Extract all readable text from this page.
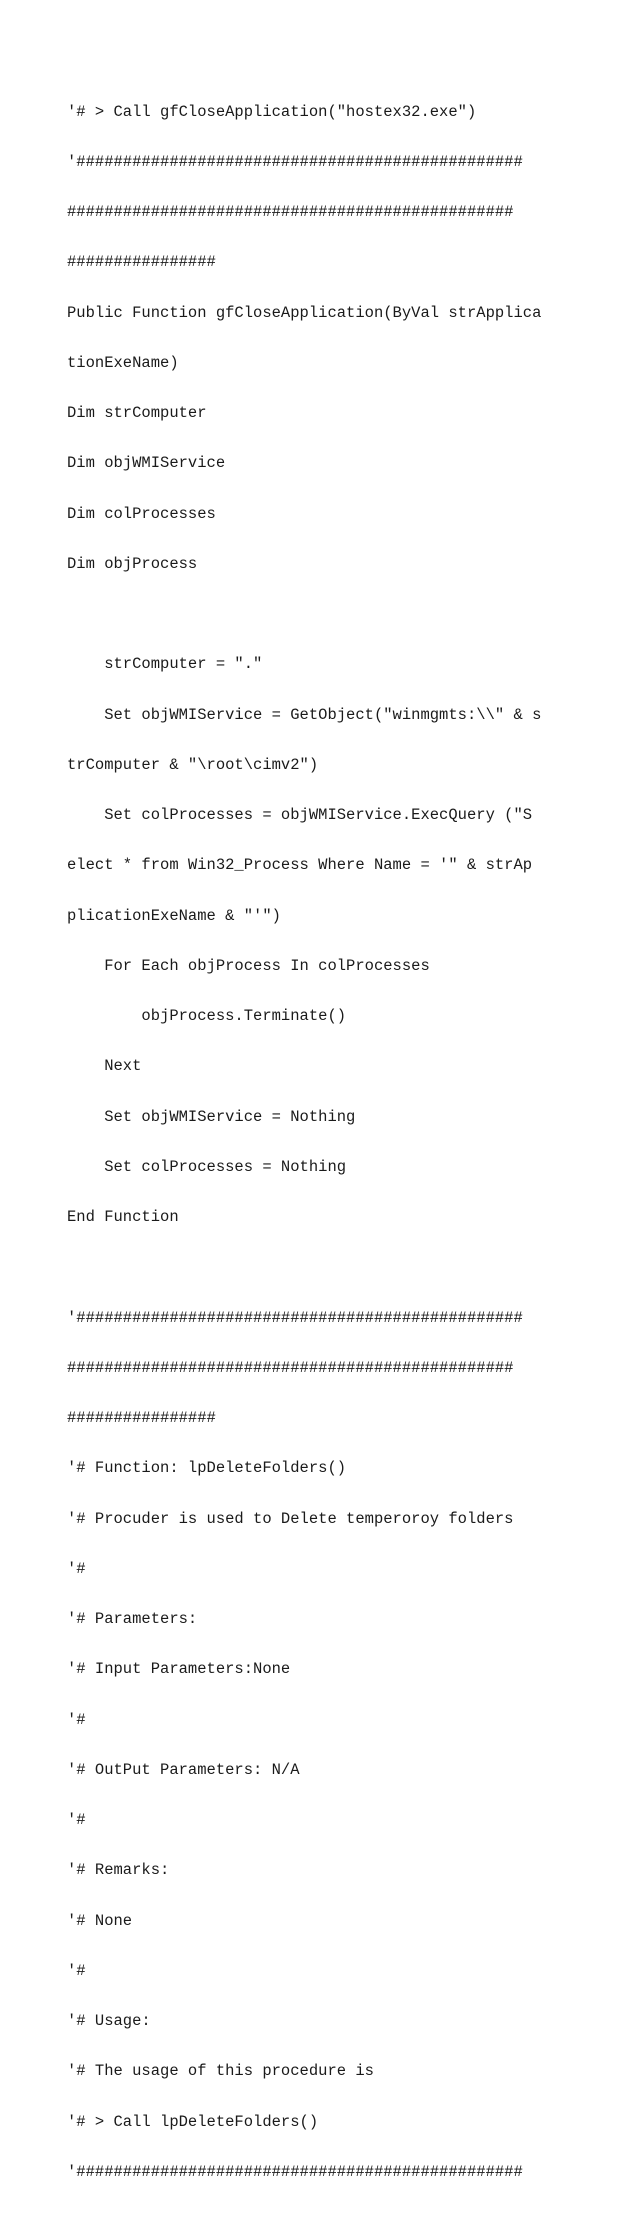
'# > Call gfCloseApplication("hostex32.exe")

'################################################

################################################

################

Public Function gfCloseApplication(ByVal strApplica

tionExeName)

Dim strComputer

Dim objWMIService

Dim colProcesses

Dim objProcess

strComputer = "."

Set objWMIService = GetObject("winmgmts:\\" & s

trComputer & "\root\cimv2")

Set colProcesses = objWMIService.ExecQuery ("S

elect * from Win32_Process Where Name = '" & strAp

plicationExeName & "'")

For Each objProcess In colProcesses

objProcess.Terminate()

Next

Set objWMIService = Nothing

Set colProcesses = Nothing

End Function

'################################################

################################################

################

'# Function: lpDeleteFolders()

'# Procuder is used to Delete temperoroy folders

'#

'# Parameters:

'# Input Parameters:None

'#

'# OutPut Parameters: N/A

'#

'# Remarks:

'# None

'#

'# Usage:

'# The usage of this procedure is

'# > Call lpDeleteFolders()

'################################################
